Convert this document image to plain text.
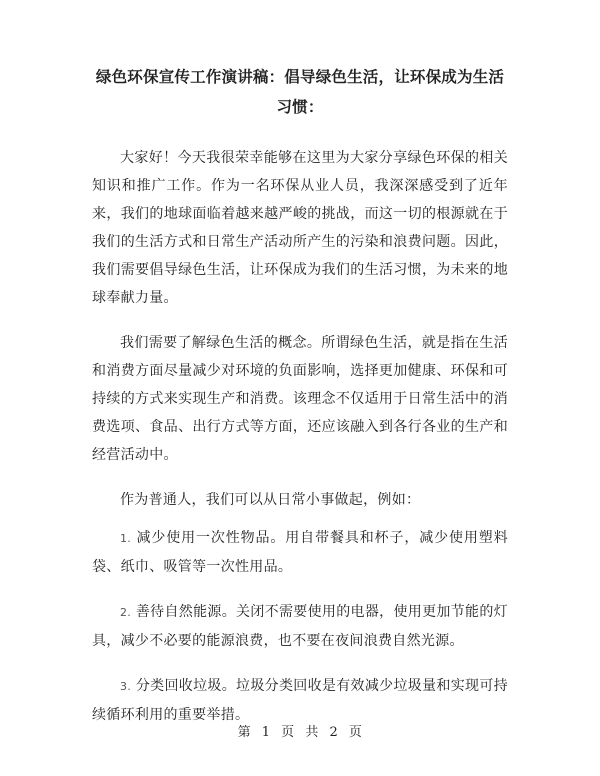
绿色环保宣传工作演讲稿：倡导绿色生活，让环保成为生活习惯：

大家好！今天我很荣幸能够在这里为大家分享绿色环保的相关知识和推广工作。作为一名环保从业人员，我深深感受到了近年来，我们的地球面临着越来越严峻的挑战，而这一切的根源就在于我们的生活方式和日常生产活动所产生的污染和浪费问题。因此，我们需要倡导绿色生活，让环保成为我们的生活习惯，为未来的地球奉献力量。

我们需要了解绿色生活的概念。所谓绿色生活，就是指在生活和消费方面尽量减少对环境的负面影响，选择更加健康、环保和可持续的方式来实现生产和消费。该理念不仅适用于日常生活中的消费选项、食品、出行方式等方面，还应该融入到各行各业的生产和经营活动中。

作为普通人，我们可以从日常小事做起，例如：

1. 减少使用一次性物品。用自带餐具和杯子，减少使用塑料袋、纸巾、吸管等一次性用品。

2. 善待自然能源。关闭不需要使用的电器，使用更加节能的灯具，减少不必要的能源浪费，也不要在夜间浪费自然光源。

3. 分类回收垃圾。垃圾分类回收是有效减少垃圾量和实现可持续循环利用的重要举措。

第 1 页 共 2 页
